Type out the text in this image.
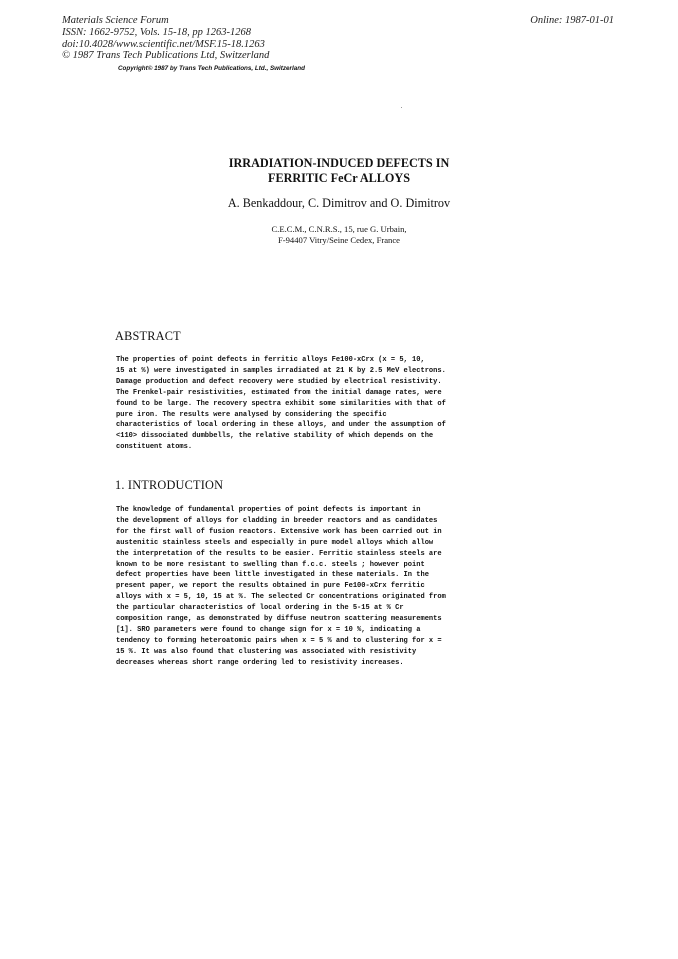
Materials Science Forum
ISSN: 1662-9752, Vols. 15-18, pp 1263-1268
doi:10.4028/www.scientific.net/MSF.15-18.1263
© 1987 Trans Tech Publications Ltd, Switzerland
Online: 1987-01-01
Copyright© 1987 by Trans Tech Publications, Ltd., Switzerland
IRRADIATION-INDUCED DEFECTS IN
FERRITIC FeCr ALLOYS
A. Benkaddour, C. Dimitrov and O. Dimitrov
C.E.C.M., C.N.R.S., 15, rue G. Urbain,
F-94407 Vitry/Seine Cedex, France
ABSTRACT
The properties of point defects in ferritic alloys Fe100-xCrx (x = 5, 10,
15 at %) were investigated in samples irradiated at 21 K by 2.5 MeV electrons.
Damage production and defect recovery were studied by electrical resistivity.
The Frenkel-pair resistivities, estimated from the initial damage rates, were
found to be large. The recovery spectra exhibit some similarities with that of
pure iron. The results were analysed by considering the specific
characteristics of local ordering in these alloys, and under the assumption of
<110> dissociated dumbbells, the relative stability of which depends on the
constituent atoms.
1. INTRODUCTION
The knowledge of fundamental properties of point defects is important in
the development of alloys for cladding in breeder reactors and as candidates
for the first wall of fusion reactors. Extensive work has been carried out in
austenitic stainless steels and especially in pure model alloys which allow
the interpretation of the results to be easier. Ferritic stainless steels are
known to be more resistant to swelling than f.c.c. steels ; however point
defect properties have been little investigated in these materials. In the
present paper, we report the results obtained in pure Fe100-xCrx ferritic
alloys with x = 5, 10, 15 at %. The selected Cr concentrations originated from
the particular characteristics of local ordering in the 5-15 at % Cr
composition range, as demonstrated by diffuse neutron scattering measurements
[1]. SRO parameters were found to change sign for x = 10 %, indicating a
tendency to forming heteroatomic pairs when x = 5 % and to clustering for x =
15 %. It was also found that clustering was associated with resistivity
decreases whereas short range ordering led to resistivity increases.
